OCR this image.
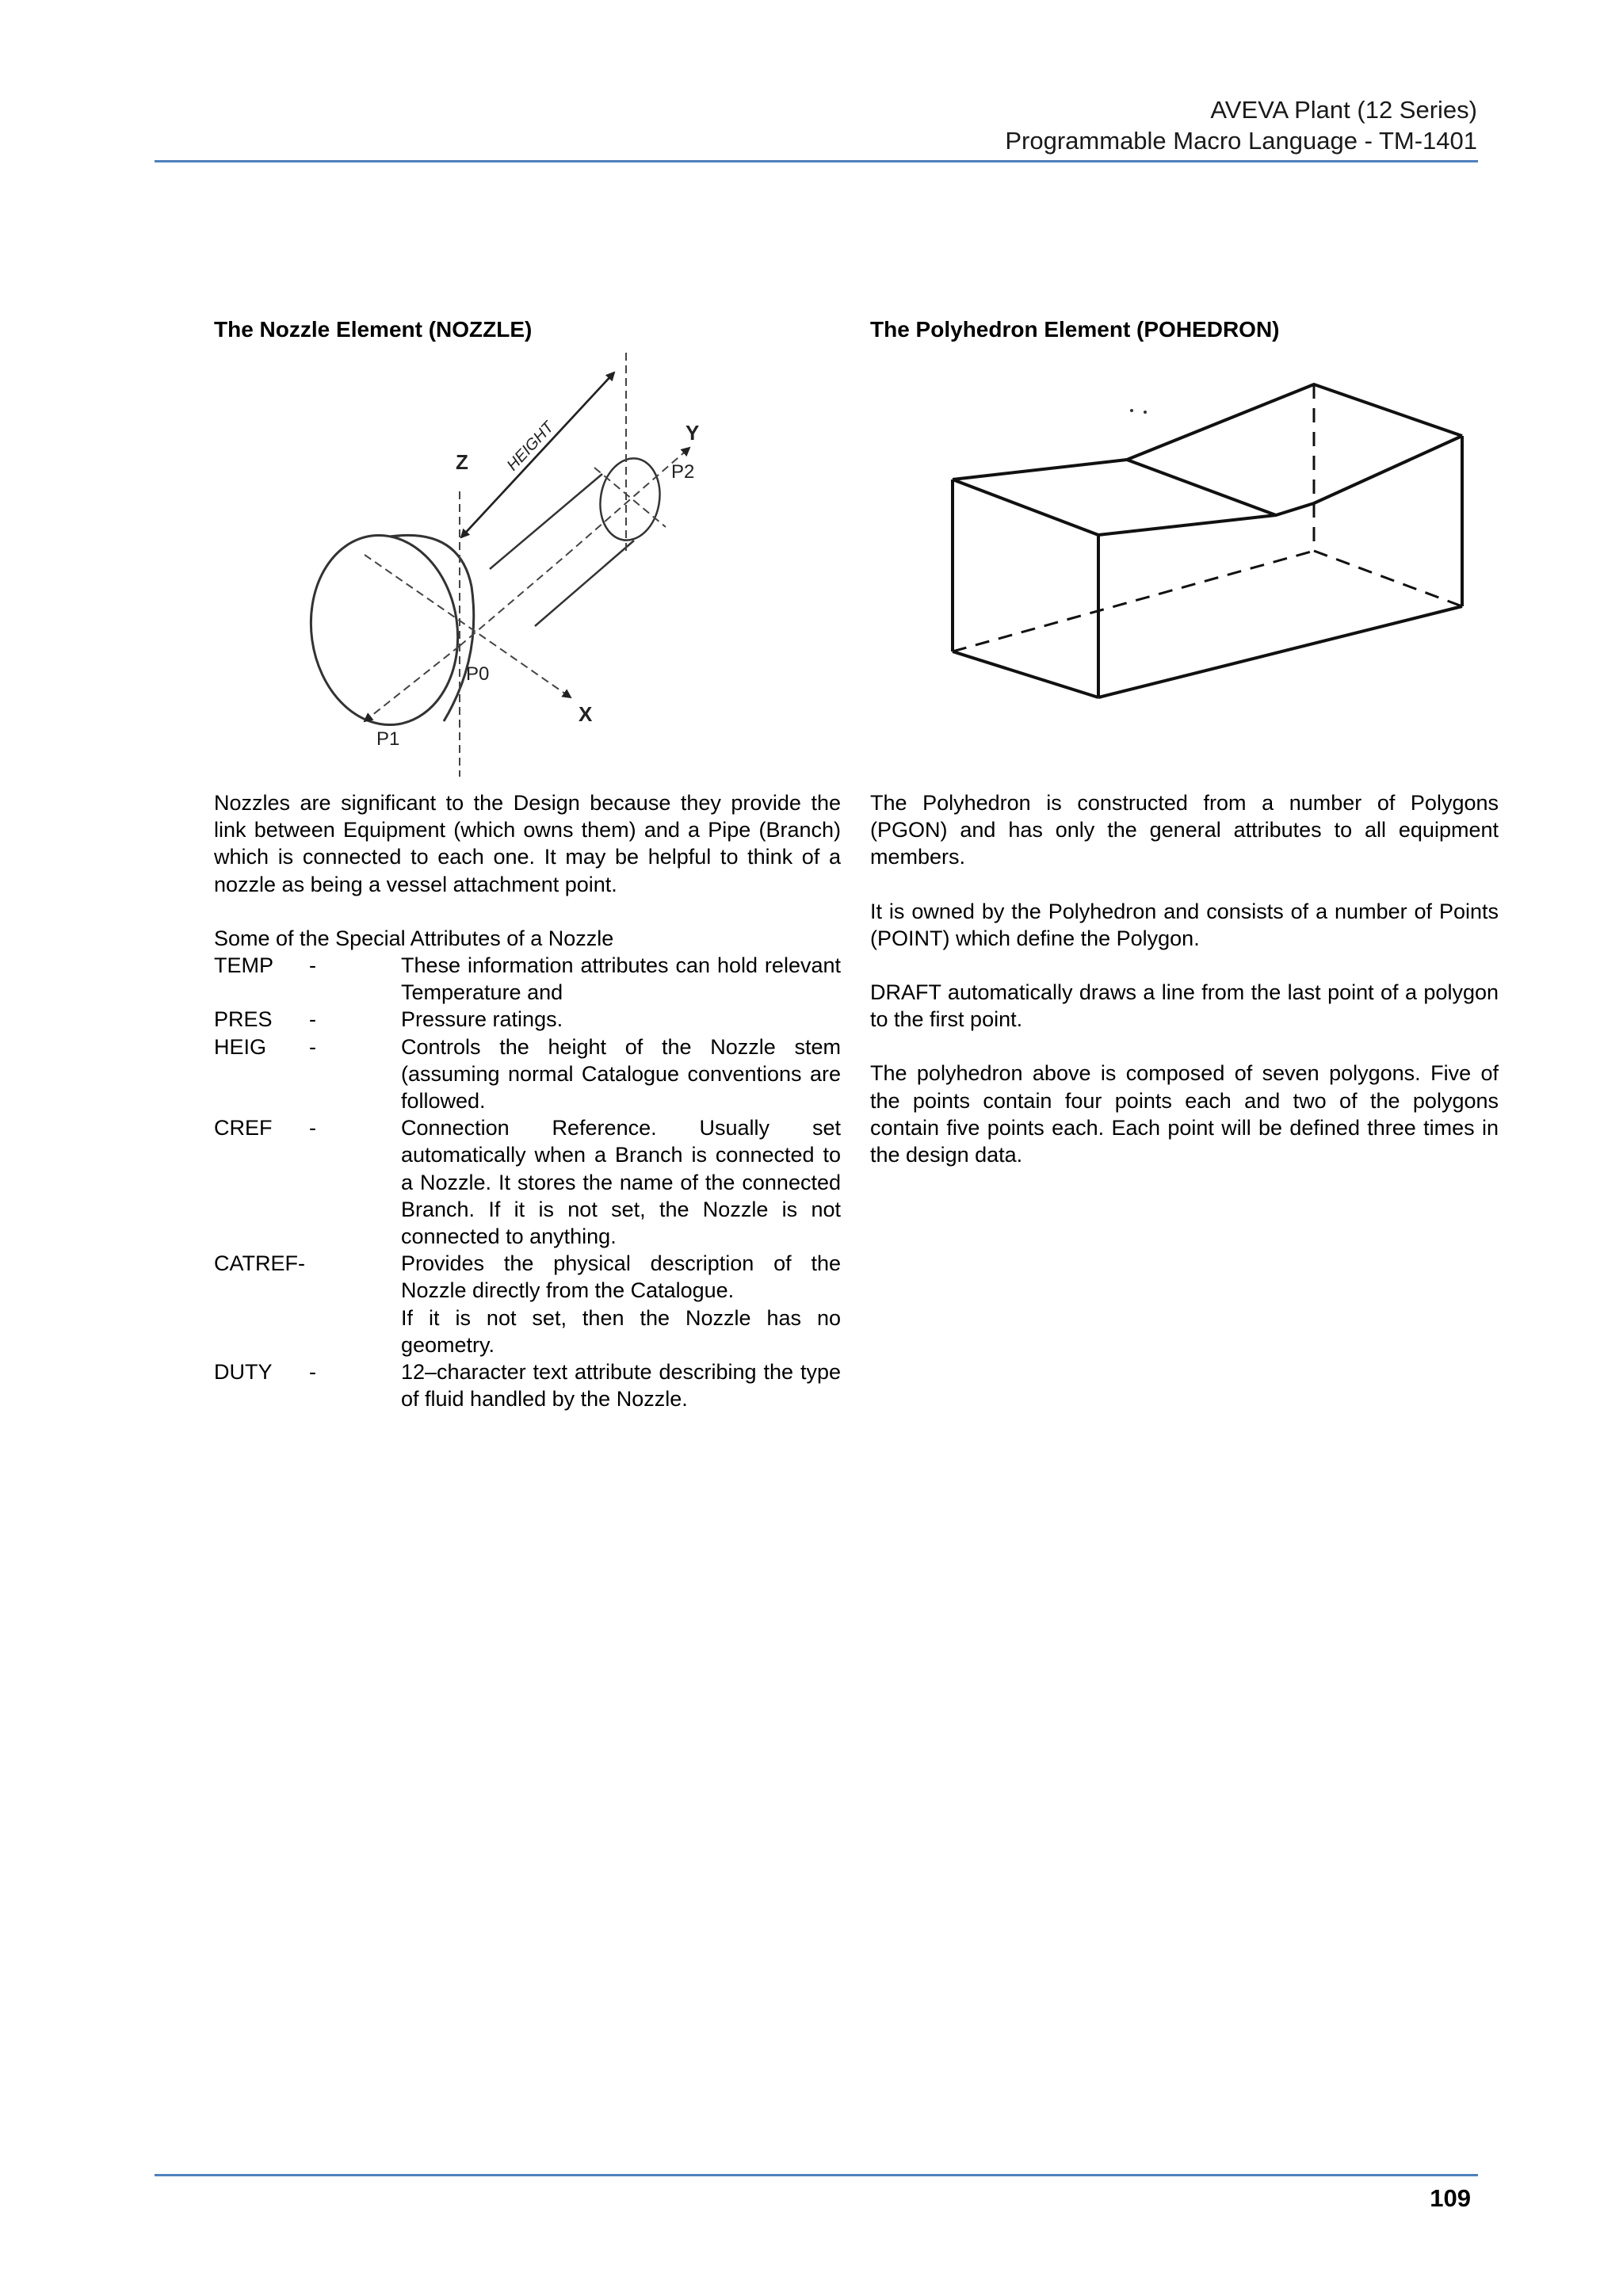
AVEVA Plant (12 Series)
Programmable Macro Language - TM-1401
The Nozzle Element (NOZZLE)
Z
Y
X
HEIGHT
P0
P1
P2

Nozzles are significant to the Design because they provide the link between Equipment (which owns them) and a Pipe (Branch) which is connected to each one. It may be helpful to think of a nozzle as being a vessel attachment point.

Some of the Special Attributes of a Nozzle
TEMP	-	These information attributes can hold relevant Temperature and
PRES	-	Pressure ratings.
HEIG	-	Controls the height of the Nozzle stem (assuming normal Catalogue conventions are followed.
CREF	-	Connection Reference. Usually set automatically when a Branch is connected to a Nozzle. It stores the name of the connected Branch. If it is not set, the Nozzle is not connected to anything.
CATREF-	Provides the physical description of the Nozzle directly from the Catalogue.
If it is not set, then the Nozzle has no geometry.
DUTY	-	12–character text attribute describing the type of fluid handled by the Nozzle.
The Polyhedron Element (POHEDRON)

The Polyhedron is constructed from a number of Polygons (PGON) and has only the general attributes to all equipment members.

It is owned by the Polyhedron and consists of a number of Points (POINT) which define the Polygon.

DRAFT automatically draws a line from the last point of a polygon to the first point.

The polyhedron above is composed of seven polygons. Five of the points contain four points each and two of the polygons contain five points each. Each point will be defined three times in the design data.

109
